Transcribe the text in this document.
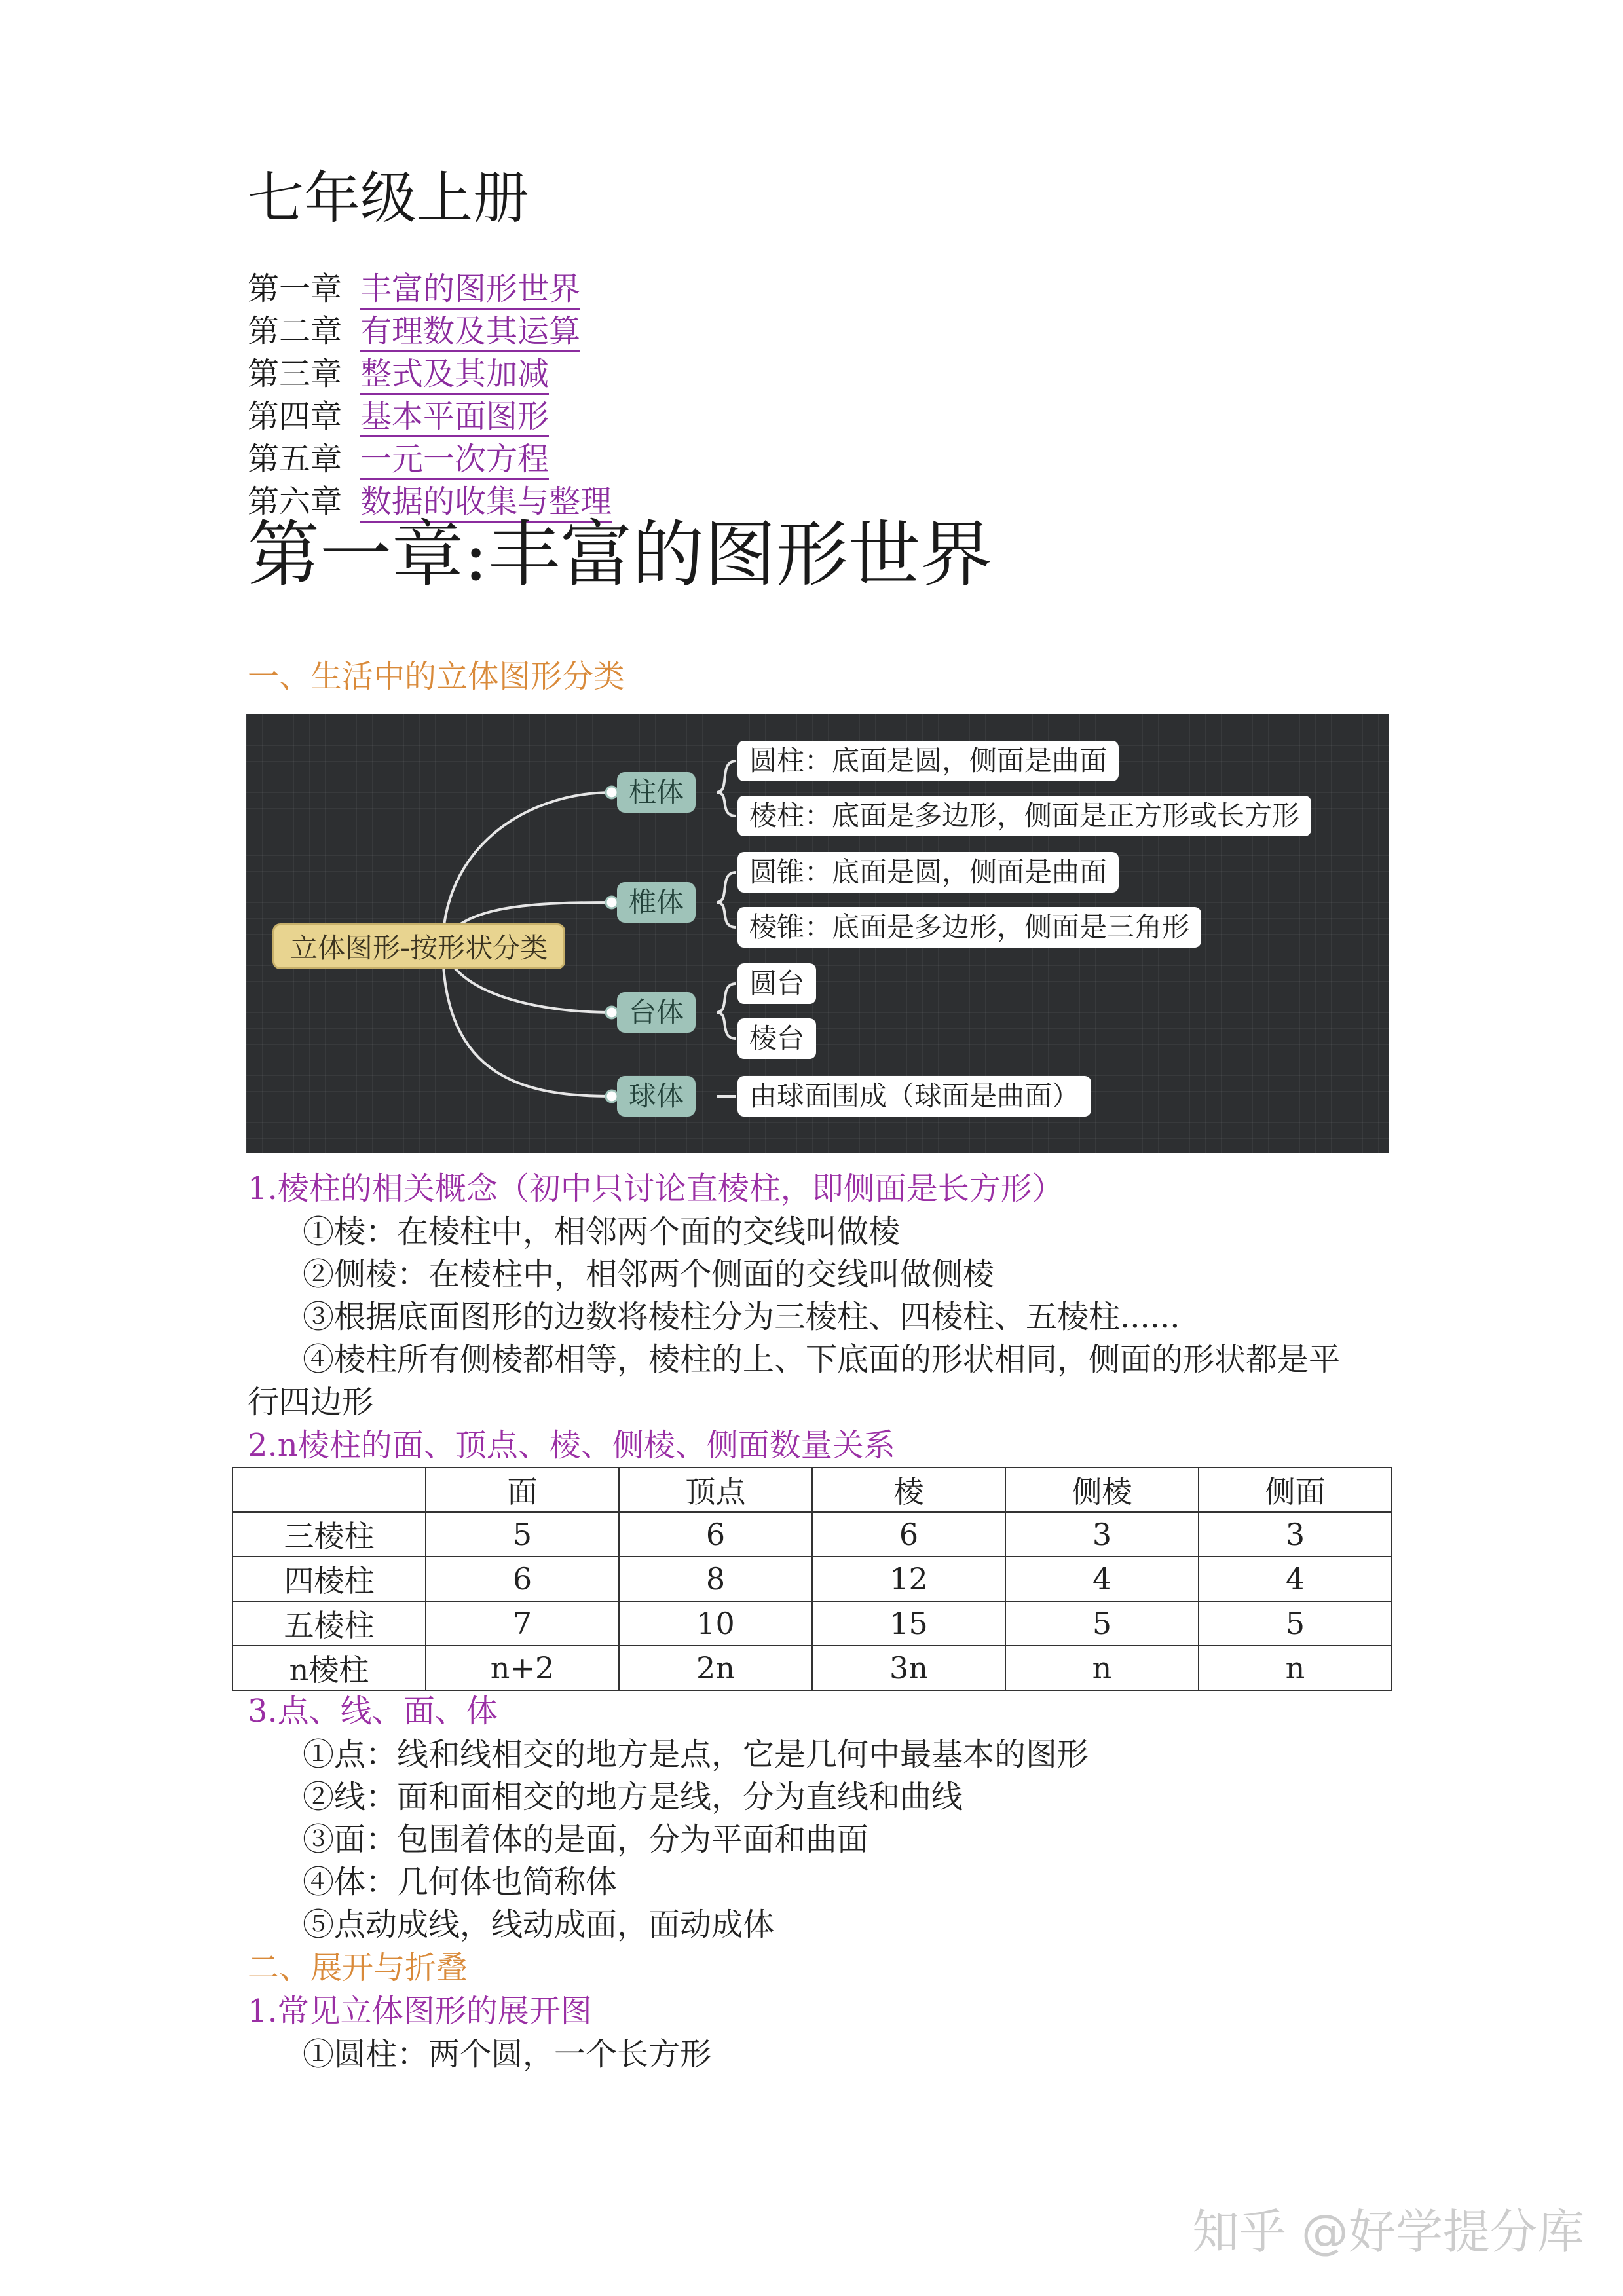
七年级上册
第一章 丰富的图形世界
第二章 有理数及其运算
第三章 整式及其加减
第四章 基本平面图形
第五章 一元一次方程
第六章 数据的收集与整理
第一章:丰富的图形世界
一、生活中的立体图形分类
立体图形-按形状分类
柱体
椎体
台体
球体
圆柱：底面是圆，侧面是曲面
棱柱：底面是多边形，侧面是正方形或长方形
圆锥：底面是圆，侧面是曲面
棱锥：底面是多边形，侧面是三角形
圆台
棱台
由球面围成（球面是曲面）
1.棱柱的相关概念（初中只讨论直棱柱，即侧面是长方形）
①棱：在棱柱中，相邻两个面的交线叫做棱
②侧棱：在棱柱中，相邻两个侧面的交线叫做侧棱
③根据底面图形的边数将棱柱分为三棱柱、四棱柱、五棱柱......
④棱柱所有侧棱都相等，棱柱的上、下底面的形状相同，侧面的形状都是平
行四边形
2.n棱柱的面、顶点、棱、侧棱、侧面数量关系
	面	顶点	棱	侧棱	侧面
三棱柱	5	6	6	3	3
四棱柱	6	8	12	4	4
五棱柱	7	10	15	5	5
n棱柱	n+2	2n	3n	n	n
3.点、线、面、体
①点：线和线相交的地方是点，它是几何中最基本的图形
②线：面和面相交的地方是线，分为直线和曲线
③面：包围着体的是面，分为平面和曲面
④体：几何体也简称体
⑤点动成线，线动成面，面动成体
二、展开与折叠
1.常见立体图形的展开图
①圆柱：两个圆，一个长方形
知乎 @好学提分库
